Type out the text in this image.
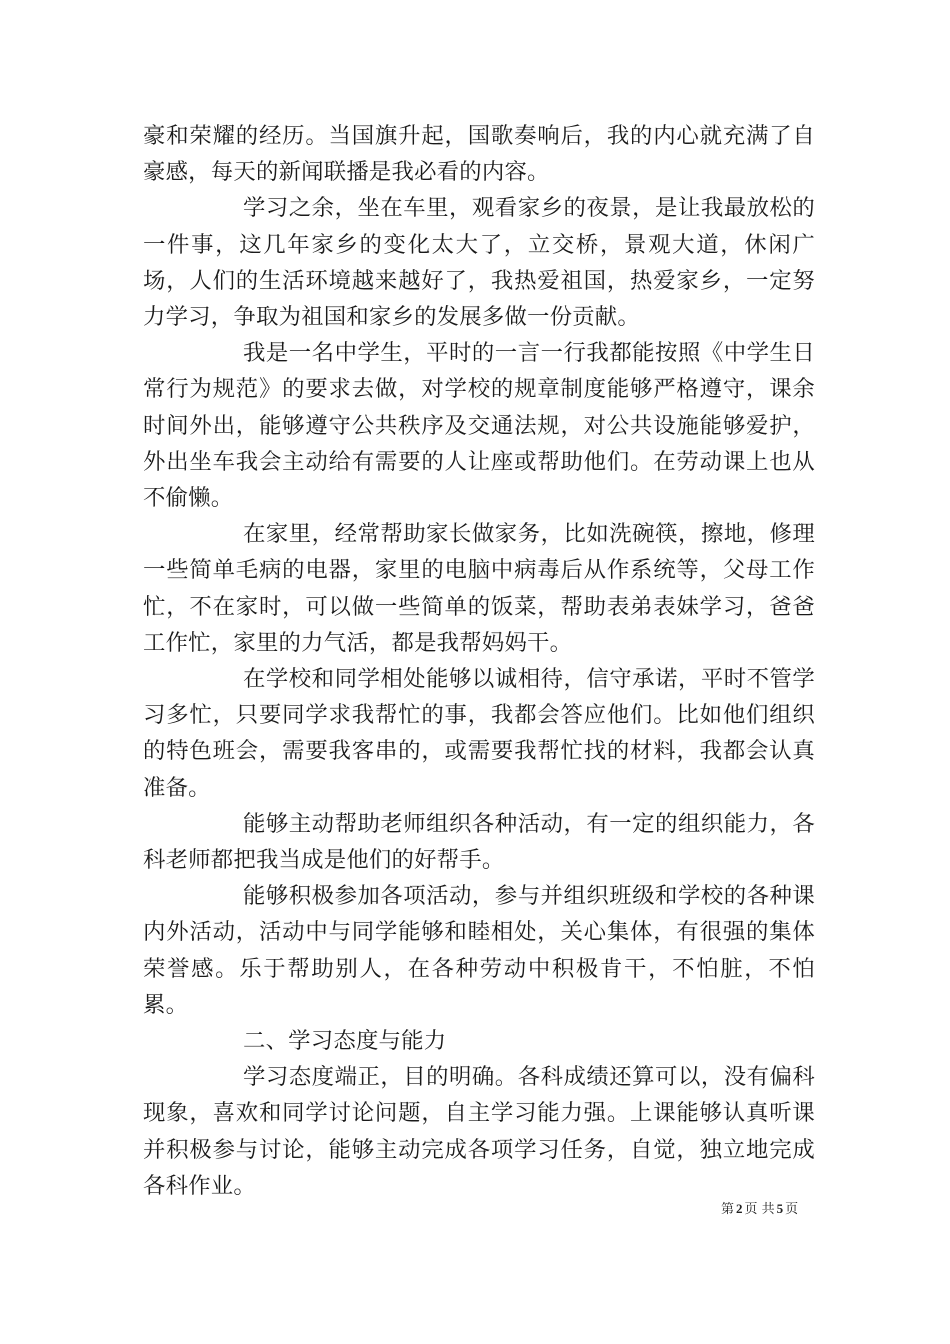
豪和荣耀的经历。当国旗升起，国歌奏响后，我的内心就充满了自豪感，每天的新闻联播是我必看的内容。

学习之余，坐在车里，观看家乡的夜景，是让我最放松的一件事，这几年家乡的变化太大了，立交桥，景观大道，休闲广场，人们的生活环境越来越好了，我热爱祖国，热爱家乡，一定努力学习，争取为祖国和家乡的发展多做一份贡献。

我是一名中学生，平时的一言一行我都能按照《中学生日常行为规范》的要求去做，对学校的规章制度能够严格遵守，课余时间外出，能够遵守公共秩序及交通法规，对公共设施能够爱护，外出坐车我会主动给有需要的人让座或帮助他们。在劳动课上也从不偷懒。

在家里，经常帮助家长做家务，比如洗碗筷，擦地，修理一些简单毛病的电器，家里的电脑中病毒后从作系统等，父母工作忙，不在家时，可以做一些简单的饭菜，帮助表弟表妹学习，爸爸工作忙，家里的力气活，都是我帮妈妈干。

在学校和同学相处能够以诚相待，信守承诺，平时不管学习多忙，只要同学求我帮忙的事，我都会答应他们。比如他们组织的特色班会，需要我客串的，或需要我帮忙找的材料，我都会认真准备。

能够主动帮助老师组织各种活动，有一定的组织能力，各科老师都把我当成是他们的好帮手。

能够积极参加各项活动，参与并组织班级和学校的各种课内外活动，活动中与同学能够和睦相处，关心集体，有很强的集体荣誉感。乐于帮助别人，在各种劳动中积极肯干，不怕脏，不怕累。

二、学习态度与能力

学习态度端正，目的明确。各科成绩还算可以，没有偏科现象，喜欢和同学讨论问题，自主学习能力强。上课能够认真听课并积极参与讨论，能够主动完成各项学习任务，自觉，独立地完成各科作业。

第 2 页 共 5 页
